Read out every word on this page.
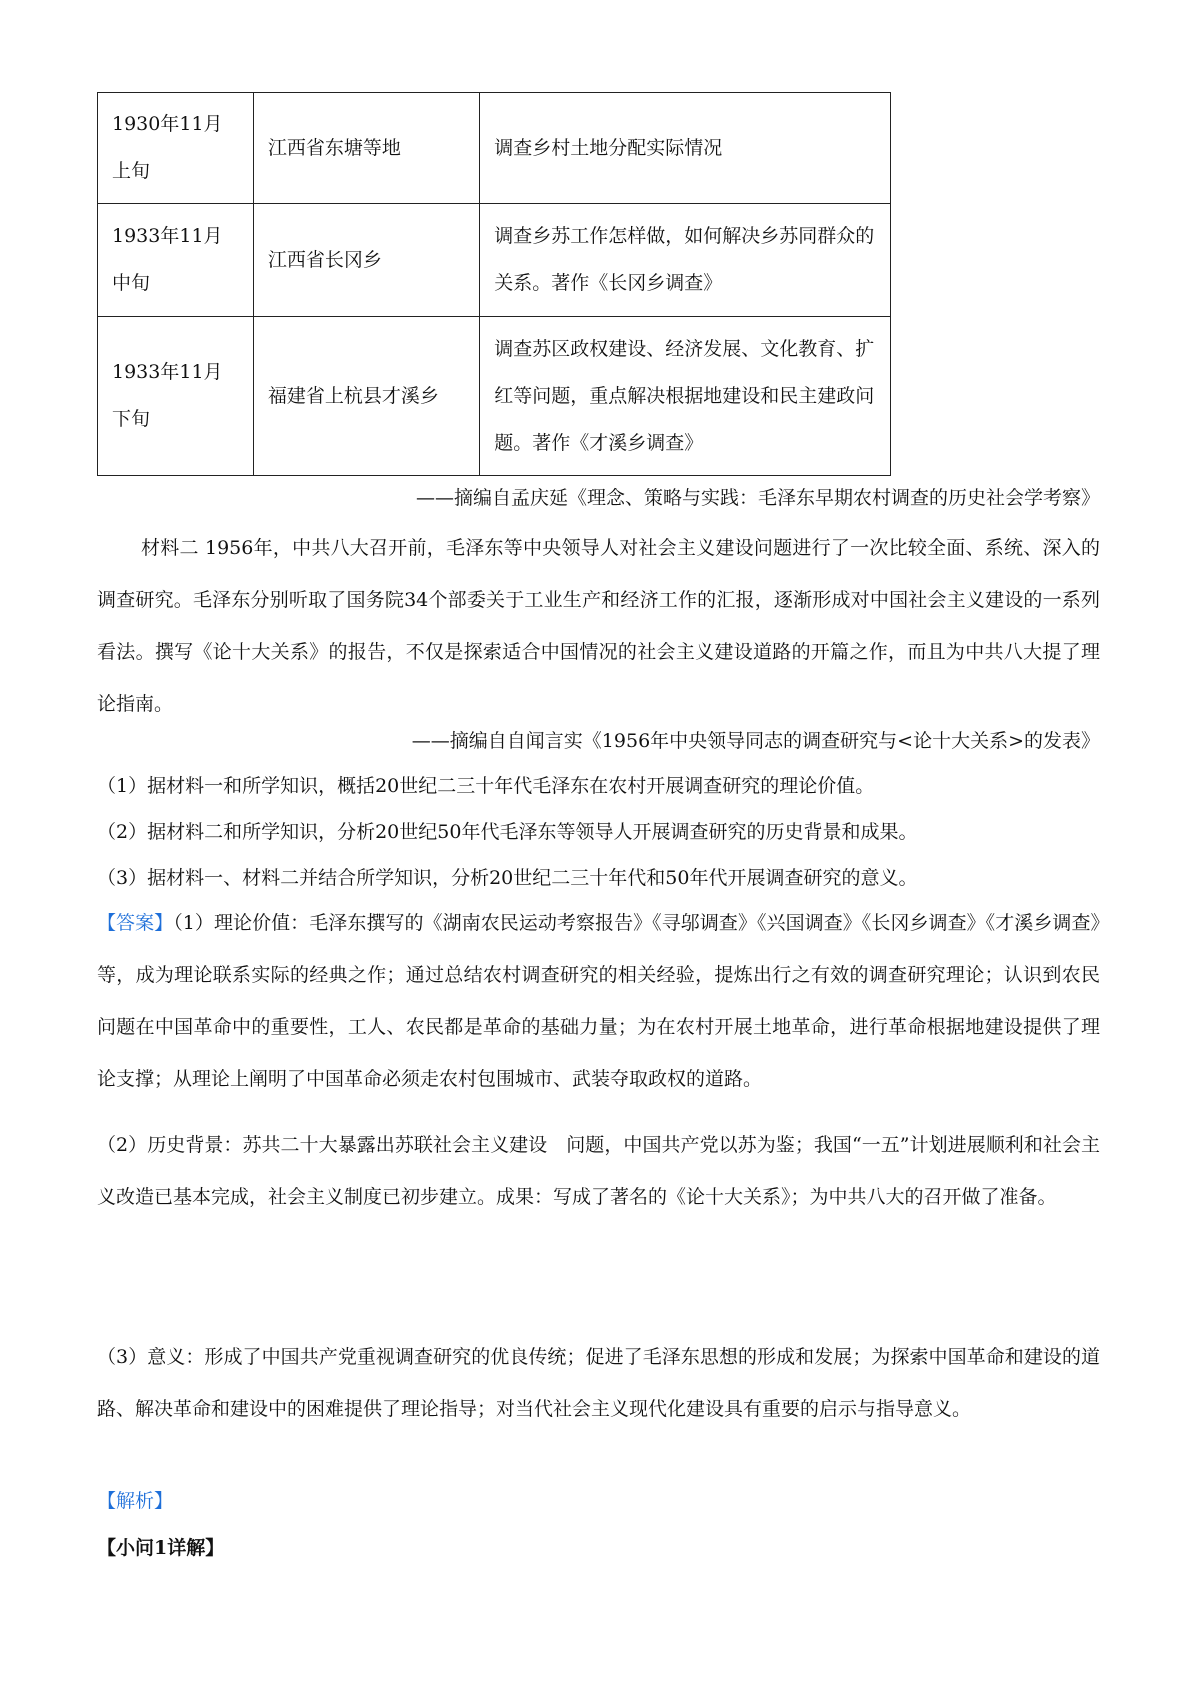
1930年11月上旬	江西省东塘等地	调查乡村土地分配实际情况
1933年11月中旬	江西省长冈乡	调查乡苏工作怎样做，如何解决乡苏同群众的关系。著作《长冈乡调查》
1933年11月下旬	福建省上杭县才溪乡	调查苏区政权建设、经济发展、文化教育、扩红等问题，重点解决根据地建设和民主建政问题。著作《才溪乡调查》
——摘编自孟庆延《理念、策略与实践：毛泽东早期农村调查的历史社会学考察》
材料二 1956年，中共八大召开前，毛泽东等中央领导人对社会主义建设问题进行了一次比较全面、系统、深入的调查研究。毛泽东分别听取了国务院34个部委关于工业生产和经济工作的汇报，逐渐形成对中国社会主义建设的一系列看法。撰写《论十大关系》的报告，不仅是探索适合中国情况的社会主义建设道路的开篇之作，而且为中共八大提了理论指南。
——摘编自自闻言实《1956年中央领导同志的调查研究与<论十大关系>的发表》
（1）据材料一和所学知识，概括20世纪二三十年代毛泽东在农村开展调查研究的理论价值。
（2）据材料二和所学知识，分析20世纪50年代毛泽东等领导人开展调查研究的历史背景和成果。
（3）据材料一、材料二并结合所学知识，分析20世纪二三十年代和50年代开展调查研究的意义。
【答案】（1）理论价值：毛泽东撰写的《湖南农民运动考察报告》《寻邬调查》《兴国调查》《长冈乡调查》《才溪乡调查》等，成为理论联系实际的经典之作；通过总结农村调查研究的相关经验，提炼出行之有效的调查研究理论；认识到农民问题在中国革命中的重要性，工人、农民都是革命的基础力量；为在农村开展土地革命，进行革命根据地建设提供了理论支撑；从理论上阐明了中国革命必须走农村包围城市、武装夺取政权的道路。
（2）历史背景：苏共二十大暴露出苏联社会主义建设　问题，中国共产党以苏为鉴；我国“一五”计划进展顺利和社会主义改造已基本完成，社会主义制度已初步建立。成果：写成了著名的《论十大关系》；为中共八大的召开做了准备。
（3）意义：形成了中国共产党重视调查研究的优良传统；促进了毛泽东思想的形成和发展；为探索中国革命和建设的道路、解决革命和建设中的困难提供了理论指导；对当代社会主义现代化建设具有重要的启示与指导意义。
【解析】
【小问1详解】
